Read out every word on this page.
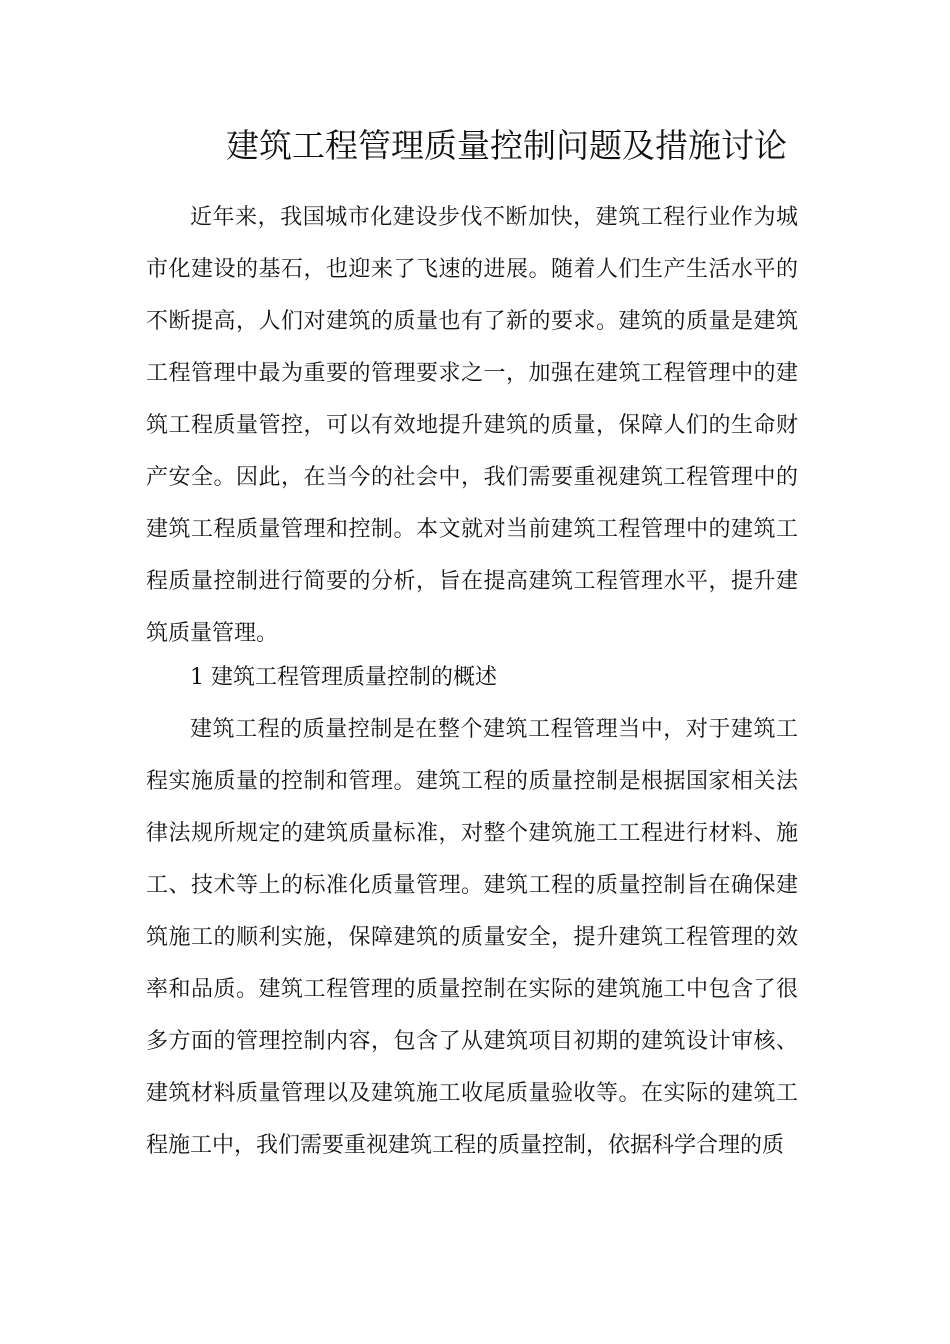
建筑工程管理质量控制问题及措施讨论

近年来，我国城市化建设步伐不断加快，建筑工程行业作为城市化建设的基石，也迎来了飞速的进展。随着人们生产生活水平的不断提高，人们对建筑的质量也有了新的要求。建筑的质量是建筑工程管理中最为重要的管理要求之一，加强在建筑工程管理中的建筑工程质量管控，可以有效地提升建筑的质量，保障人们的生命财产安全。因此，在当今的社会中，我们需要重视建筑工程管理中的建筑工程质量管理和控制。本文就对当前建筑工程管理中的建筑工程质量控制进行简要的分析，旨在提高建筑工程管理水平，提升建筑质量管理。

1 建筑工程管理质量控制的概述

建筑工程的质量控制是在整个建筑工程管理当中，对于建筑工程实施质量的控制和管理。建筑工程的质量控制是根据国家相关法律法规所规定的建筑质量标准，对整个建筑施工工程进行材料、施工、技术等上的标准化质量管理。建筑工程的质量控制旨在确保建筑施工的顺利实施，保障建筑的质量安全，提升建筑工程管理的效率和品质。建筑工程管理的质量控制在实际的建筑施工中包含了很多方面的管理控制内容，包含了从建筑项目初期的建筑设计审核、建筑材料质量管理以及建筑施工收尾质量验收等。在实际的建筑工程施工中，我们需要重视建筑工程的质量控制，依据科学合理的质
